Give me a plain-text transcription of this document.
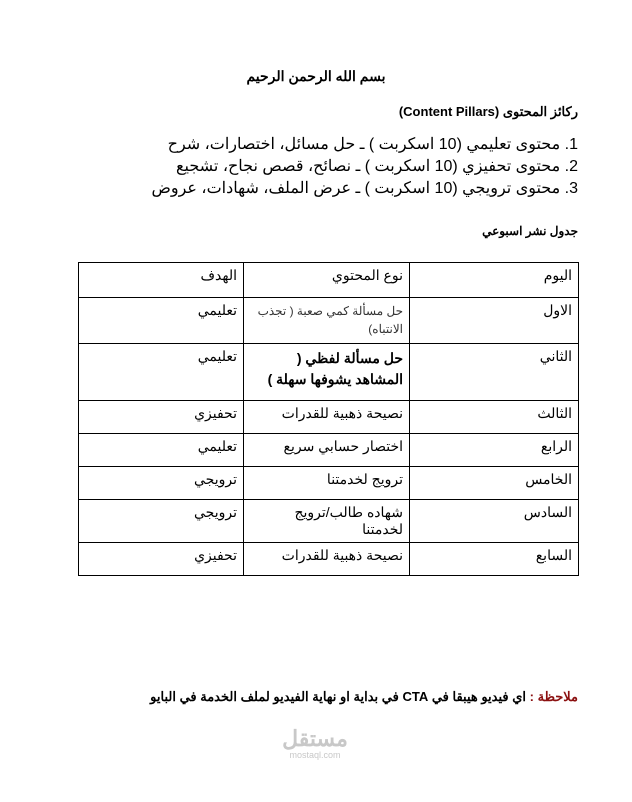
بسم الله الرحمن الرحيم
ركائز المحتوى (Content Pillars)
1. محتوى تعليمي (10 اسكربت ) ـ حل مسائل، اختصارات، شرح
2. محتوى تحفيزي (10 اسكربت ) ـ نصائح، قصص نجاح، تشجيع
3. محتوى ترويجي (10 اسكربت ) ـ عرض الملف، شهادات، عروض
جدول نشر اسبوعي
اليوم	نوع المحتوي	الهدف
الاول	حل مسألة كمي صعبة ( تجذب الانتباه)	تعليمي
الثاني	حل مسألة لفظي ( المشاهد يشوفها سهلة )	تعليمي
الثالث	نصيحة ذهبية للقدرات	تحفيزي
الرابع	اختصار حسابي سريع	تعليمي
الخامس	ترويج لخدمتنا	ترويجي
السادس	شهاده طالب/ترويج لخدمتنا	ترويجي
السابع	نصيحة ذهبية للقدرات	تحفيزي
ملاحظة : اي فيديو هيبقا في CTA في بداية او نهاية الفيديو لملف الخدمة في البايو
مستقل
mostaql.com
